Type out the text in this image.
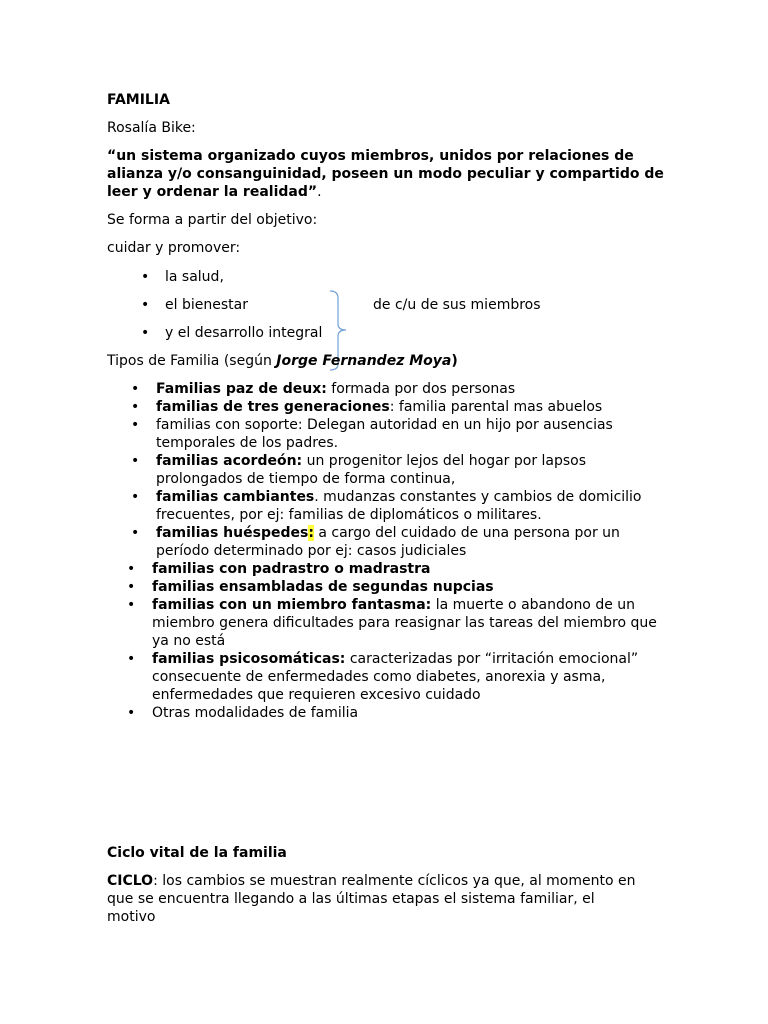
FAMILIA
Rosalía Bike:
“un sistema organizado cuyos miembros, unidos por relaciones de alianza y/o consanguinidad, poseen un modo peculiar y compartido de leer y ordenar la realidad”.
Se forma a partir del objetivo:
cuidar y promover:
• la salud,
• el bienestar
• y el desarrollo integral
de c/u de sus miembros
Tipos de Familia (según Jorge Fernandez Moya)
• Familias paz de deux: formada por dos personas
• familias de tres generaciones: familia parental mas abuelos
• familias con soporte: Delegan autoridad en un hijo por ausencias temporales de los padres.
• familias acordeón: un progenitor lejos del hogar por lapsos prolongados de tiempo de forma continua,
• familias cambiantes. mudanzas constantes y cambios de domicilio frecuentes, por ej: familias de diplomáticos o militares.
• familias huéspedes: a cargo del cuidado de una persona por un período determinado por ej: casos judiciales
• familias con padrastro o madrastra
• familias ensambladas de segundas nupcias
• familias con un miembro fantasma: la muerte o abandono de un miembro genera dificultades para reasignar las tareas del miembro que ya no está
• familias psicosomáticas: caracterizadas por “irritación emocional” consecuente de enfermedades como diabetes, anorexia y asma, enfermedades que requieren excesivo cuidado
• Otras modalidades de familia
Ciclo vital de la familia
CICLO: los cambios se muestran realmente cíclicos ya que, al momento en que se encuentra llegando a las últimas etapas el sistema familiar, el motivo
